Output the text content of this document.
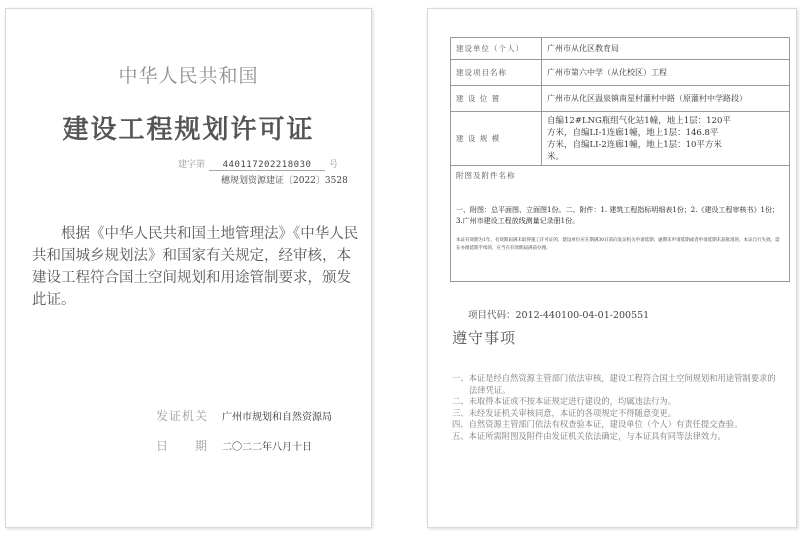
中华人民共和国
建设工程规划许可证
建字第 440117202218030 号
穗规划资源建证〔2022〕3528
根据《中华人民共和国土地管理法》《中华人民共和国城乡规划法》和国家有关规定，经审核，本建设工程符合国土空间规划和用途管制要求，颁发此证。
发证机关 广州市规划和自然资源局
日　　期 二〇二二年八月十日
建设单位（个人）	广州市从化区教育局
建设项目名称	广州市第六中学（从化校区）工程
建 设 位 置	广州市从化区温泉镇南星村灌村中路（原灌村中学路段）
建 设 规 模	自编12#LNG瓶组气化站1幢，地上1层：120平
方米，自编LI-1连廊1幢，地上1层：146.8平
方米，自编LI-2连廊1幢，地上1层：10平方米
米。

附图及附件名称
一、附图：总平面图、立面图1份。二、附件：1. 建筑工程指标明细表1份；2.《建设工程审核书》1份；3.广州市建设工程放线测量记录册1份。
本证有效期为1年。有效期届满未取得施工许可证的，建设单位应在期满30日前向发证机关申请延期；逾期未申请延期或者申请延期未获批准的，本证自行失效。需在办理延期手续的，应当在有效期届满前办理。	
项目代码：2012-440100-04-01-200551
遵守事项
一、本证是经自然资源主管部门依法审核，建设工程符合国土空间规划和用途管制要求的法律凭证。
二、未取得本证或不按本证规定进行建设的，均属违法行为。
三、未经发证机关审核同意，本证的各项规定不得随意变更。
四、自然资源主管部门依法有权查验本证，建设单位（个人）有责任提交查验。
五、本证所需附图及附件由发证机关依法确定，与本证具有同等法律效力。
